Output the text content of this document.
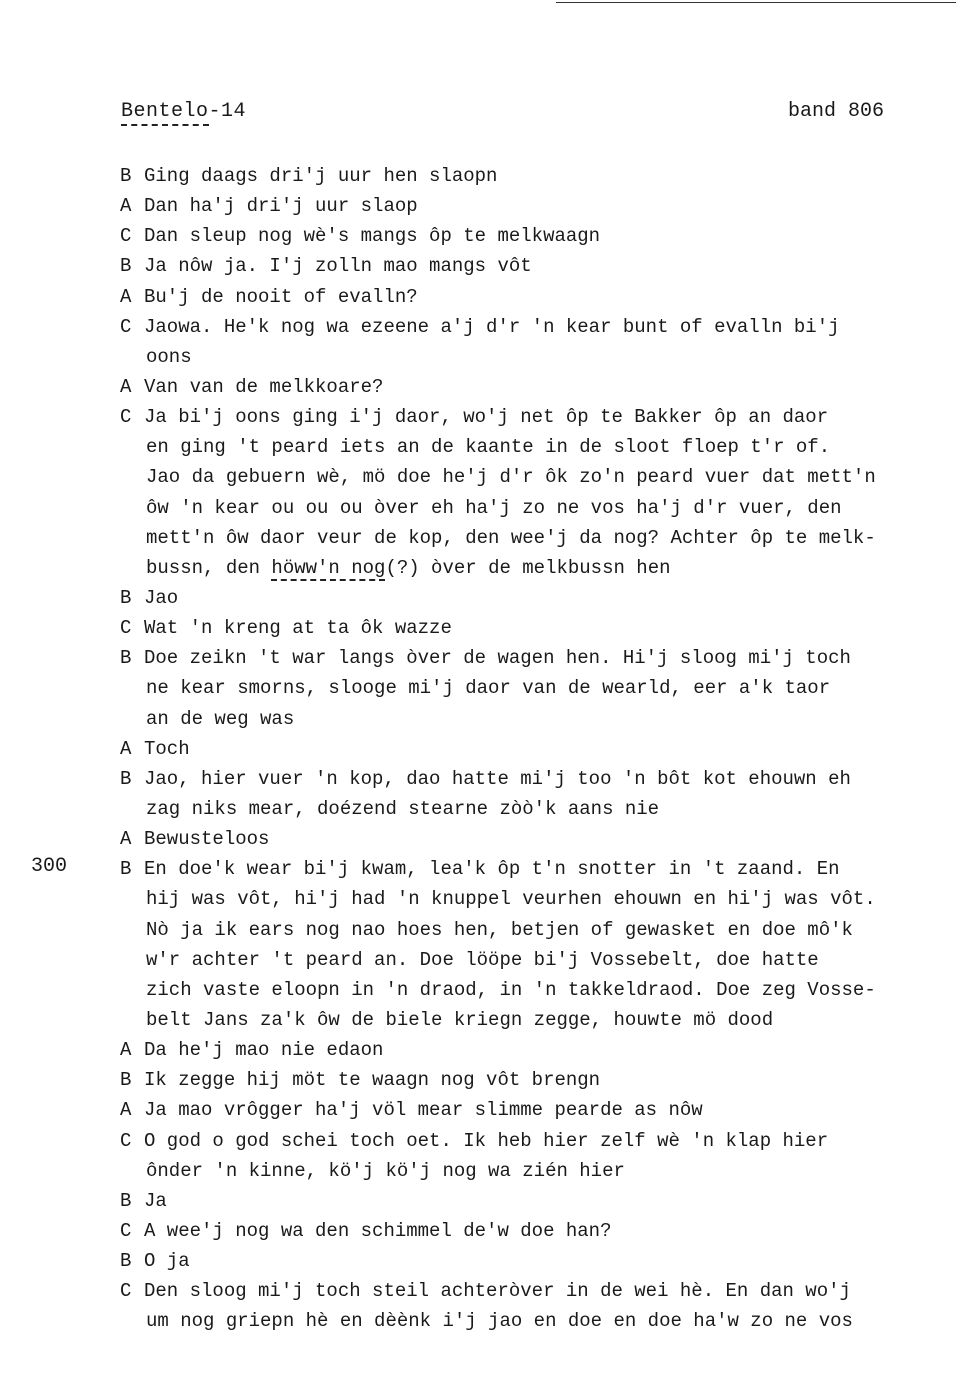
Bentelo-14	band 806
300
B Ging daags dri'j uur hen slaopn
A Dan ha'j dri'j uur slaop
C Dan sleup nog wè's mangs ôp te melkwaagn
B Ja nôw ja. I'j zolln mao mangs vôt
A Bu'j de nooit of evalln?
C Jaowa. He'k nog wa ezeene a'j d'r 'n kear bunt of evalln bi'j
oons
A Van van de melkkoare?
C Ja bi'j oons ging i'j daor, wo'j net ôp te Bakker ôp an daor
en ging 't peard iets an de kaante in de sloot floep t'r of.
Jao da gebuern wè, mö doe he'j d'r ôk zo'n peard vuer dat mett'n
ôw 'n kear ou ou ou òver eh ha'j zo ne vos ha'j d'r vuer, den
mett'n ôw daor veur de kop, den wee'j da nog? Achter ôp te melk-
bussn, den höww'n nog(?) òver de melkbussn hen
B Jao
C Wat 'n kreng at ta ôk wazze
B Doe zeikn 't war langs òver de wagen hen. Hi'j sloog mi'j toch
ne kear smorns, slooge mi'j daor van de wearld, eer a'k taor
an de weg was
A Toch
B Jao, hier vuer 'n kop, dao hatte mi'j too 'n bôt kot ehouwn eh
zag niks mear, doézend stearne zòò'k aans nie
A Bewusteloos
B En doe'k wear bi'j kwam, lea'k ôp t'n snotter in 't zaand. En
hij was vôt, hi'j had 'n knuppel veurhen ehouwn en hi'j was vôt.
Nò ja ik ears nog nao hoes hen, betjen of gewasket en doe mô'k
w'r achter 't peard an. Doe lööpe bi'j Vossebelt, doe hatte
zich vaste eloopn in 'n draod, in 'n takkeldraod. Doe zeg Vosse-
belt Jans za'k ôw de biele kriegn zegge, houwte mö dood
A Da he'j mao nie edaon
B Ik zegge hij möt te waagn nog vôt brengn
A Ja mao vrôgger ha'j völ mear slimme pearde as nôw
C O god o god schei toch oet. Ik heb hier zelf wè 'n klap hier
ônder 'n kinne, kö'j kö'j nog wa zién hier
B Ja
C A wee'j nog wa den schimmel de'w doe han?
B O ja
C Den sloog mi'j toch steil achteròver in de wei hè. En dan wo'j
um nog griepn hè en dèènk i'j jao en doe en doe ha'w zo ne vos
